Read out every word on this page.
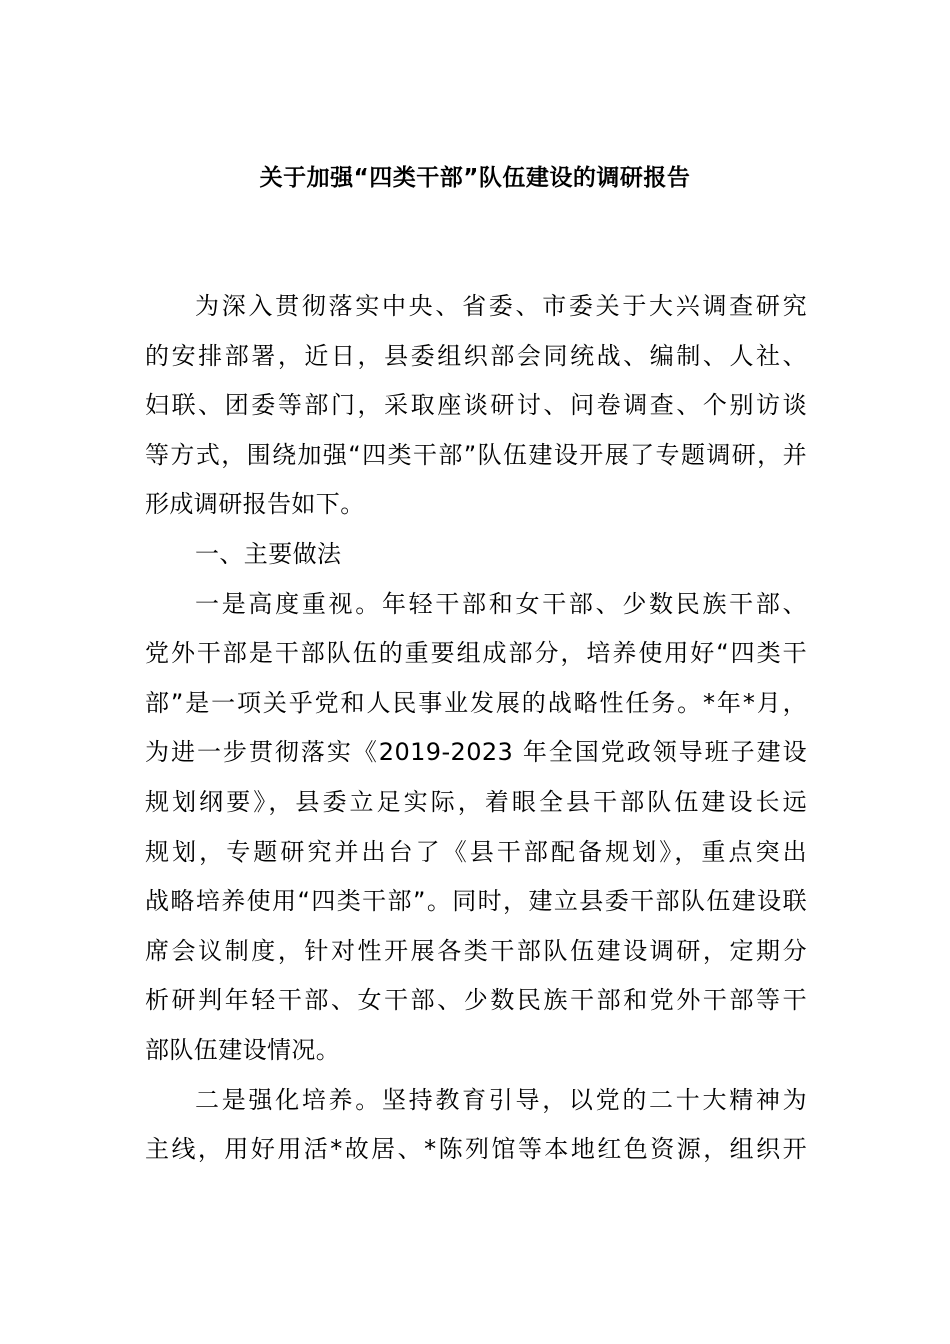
关于加强“四类干部”队伍建设的调研报告
为深入贯彻落实中央、省委、市委关于大兴调查研究
的安排部署，近日，县委组织部会同统战、编制、人社、
妇联、团委等部门，采取座谈研讨、问卷调查、个别访谈
等方式，围绕加强“四类干部”队伍建设开展了专题调研，并
形成调研报告如下。
一、主要做法
一是高度重视。年轻干部和女干部、少数民族干部、
党外干部是干部队伍的重要组成部分，培养使用好“四类干
部”是一项关乎党和人民事业发展的战略性任务。*年*月，
为进一步贯彻落实《2019-2023 年全国党政领导班子建设
规划纲要》，县委立足实际，着眼全县干部队伍建设长远
规划，专题研究并出台了《县干部配备规划》，重点突出
战略培养使用“四类干部”。同时，建立县委干部队伍建设联
席会议制度，针对性开展各类干部队伍建设调研，定期分
析研判年轻干部、女干部、少数民族干部和党外干部等干
部队伍建设情况。
二是强化培养。坚持教育引导，以党的二十大精神为
主线，用好用活*故居、*陈列馆等本地红色资源，组织开
